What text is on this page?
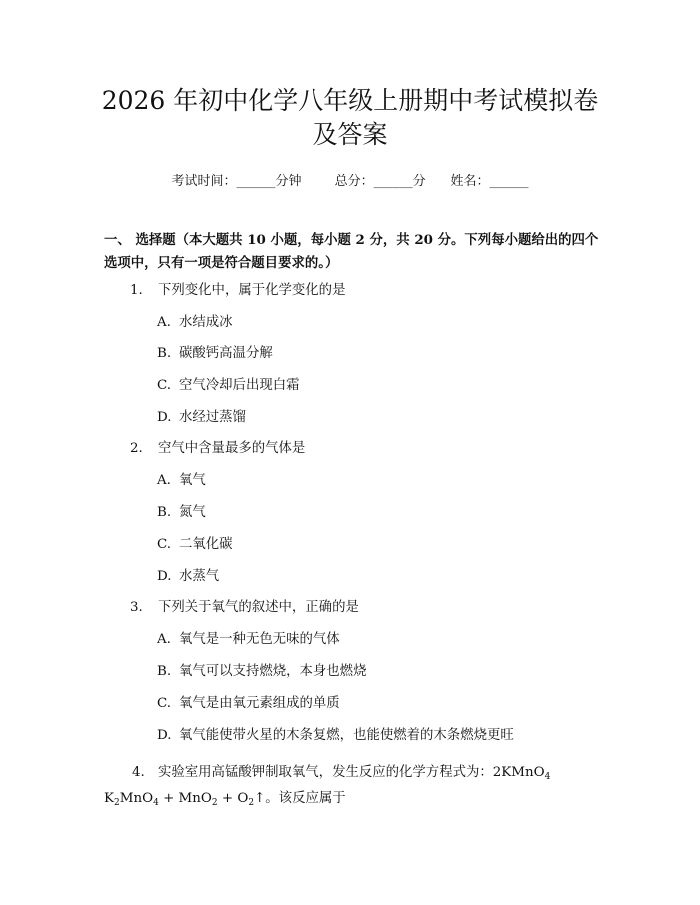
2026 年初中化学八年级上册期中考试模拟卷
及答案
考试时间：______分钟	总分：______分 姓名：______

一、 选择题（本大题共 10 小题，每小题 2 分，共 20 分。下列每小题给出的四个选项中，只有一项是符合题目要求的。）

1. 下列变化中，属于化学变化的是
A. 水结成冰
B. 碳酸钙高温分解
C. 空气冷却后出现白霜
D. 水经过蒸馏
2. 空气中含量最多的气体是
A. 氧气
B. 氮气
C. 二氧化碳
D. 水蒸气
3. 下列关于氧气的叙述中，正确的是
A. 氧气是一种无色无味的气体
B. 氧气可以支持燃烧，本身也燃烧
C. 氧气是由氧元素组成的单质
D. 氧气能使带火星的木条复燃，也能使燃着的木条燃烧更旺
4. 实验室用高锰酸钾制取氧气，发生反应的化学方程式为：2KMnO$_4$ $K_2MnO_4 + MnO_2$ + $O_2↑$。该反应属于
